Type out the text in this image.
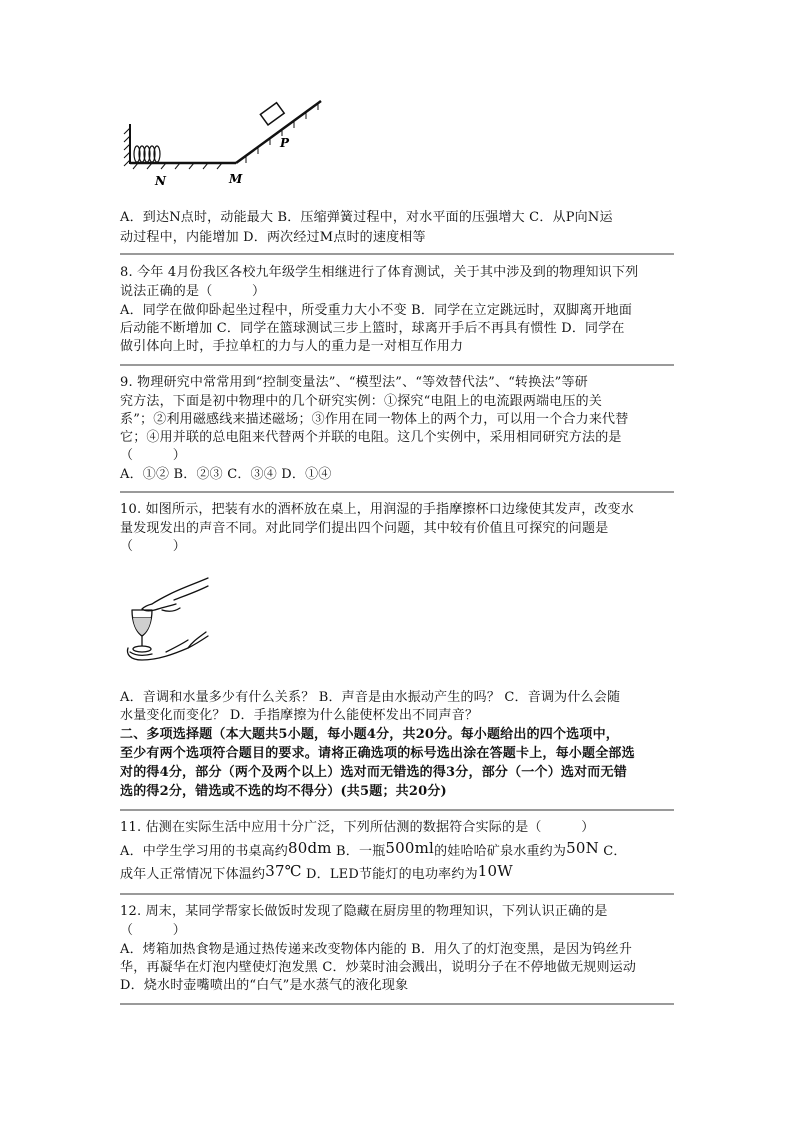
N	M
P
A．到达N点时，动能最大 B．压缩弹簧过程中，对水平面的压强增大 C．从P向N运
动过程中，内能增加 D．两次经过M点时的速度相等
8. 今年 4月份我区各校九年级学生相继进行了体育测试，关于其中涉及到的物理知识下列
说法正确的是（　　　）
A．同学在做仰卧起坐过程中，所受重力大小不变 B．同学在立定跳远时，双脚离开地面
后动能不断增加 C．同学在篮球测试三步上篮时，球离开手后不再具有惯性 D．同学在
做引体向上时，手拉单杠的力与人的重力是一对相互作用力
9. 物理研究中常常用到“控制变量法”、“模型法”、“等效替代法”、“转换法”等研
究方法，下面是初中物理中的几个研究实例：①探究“电阻上的电流跟两端电压的关
系”；②利用磁感线来描述磁场；③作用在同一物体上的两个力，可以用一个合力来代替
它；④用并联的总电阻来代替两个并联的电阻。这几个实例中，采用相同研究方法的是
（　　　）
A．①② B．②③ C．③④ D．①④
10. 如图所示，把装有水的酒杯放在桌上，用润湿的手指摩擦杯口边缘使其发声，改变水
量发现发出的声音不同。对此同学们提出四个问题，其中较有价值且可探究的问题是
（　　　）
A．音调和水量多少有什么关系？ B．声音是由水振动产生的吗？ C．音调为什么会随
水量变化而变化？ D．手指摩擦为什么能使杯发出不同声音？
二、多项选择题（本大题共5小题，每小题4分，共20分。每小题给出的四个选项中，
至少有两个选项符合题目的要求。请将正确选项的标号选出涂在答题卡上，每小题全部选
对的得4分，部分（两个及两个以上）选对而无错选的得3分，部分（一个）选对而无错
选的得2分，错选或不选的均不得分）(共5题；共20分)
11. 估测在实际生活中应用十分广泛，下列所估测的数据符合实际的是（　　　）
A．中学生学习用的书桌高约80dm B．一瓶500ml的娃哈哈矿泉水重约为50N C．
成年人正常情况下体温约37℃ D．LED节能灯的电功率约为10W
12. 周末，某同学帮家长做饭时发现了隐藏在厨房里的物理知识，下列认识正确的是
（　　　）
A．烤箱加热食物是通过热传递来改变物体内能的 B．用久了的灯泡变黑，是因为钨丝升
华，再凝华在灯泡内壁使灯泡发黑 C．炒菜时油会溅出，说明分子在不停地做无规则运动
D．烧水时壶嘴喷出的“白气”是水蒸气的液化现象
